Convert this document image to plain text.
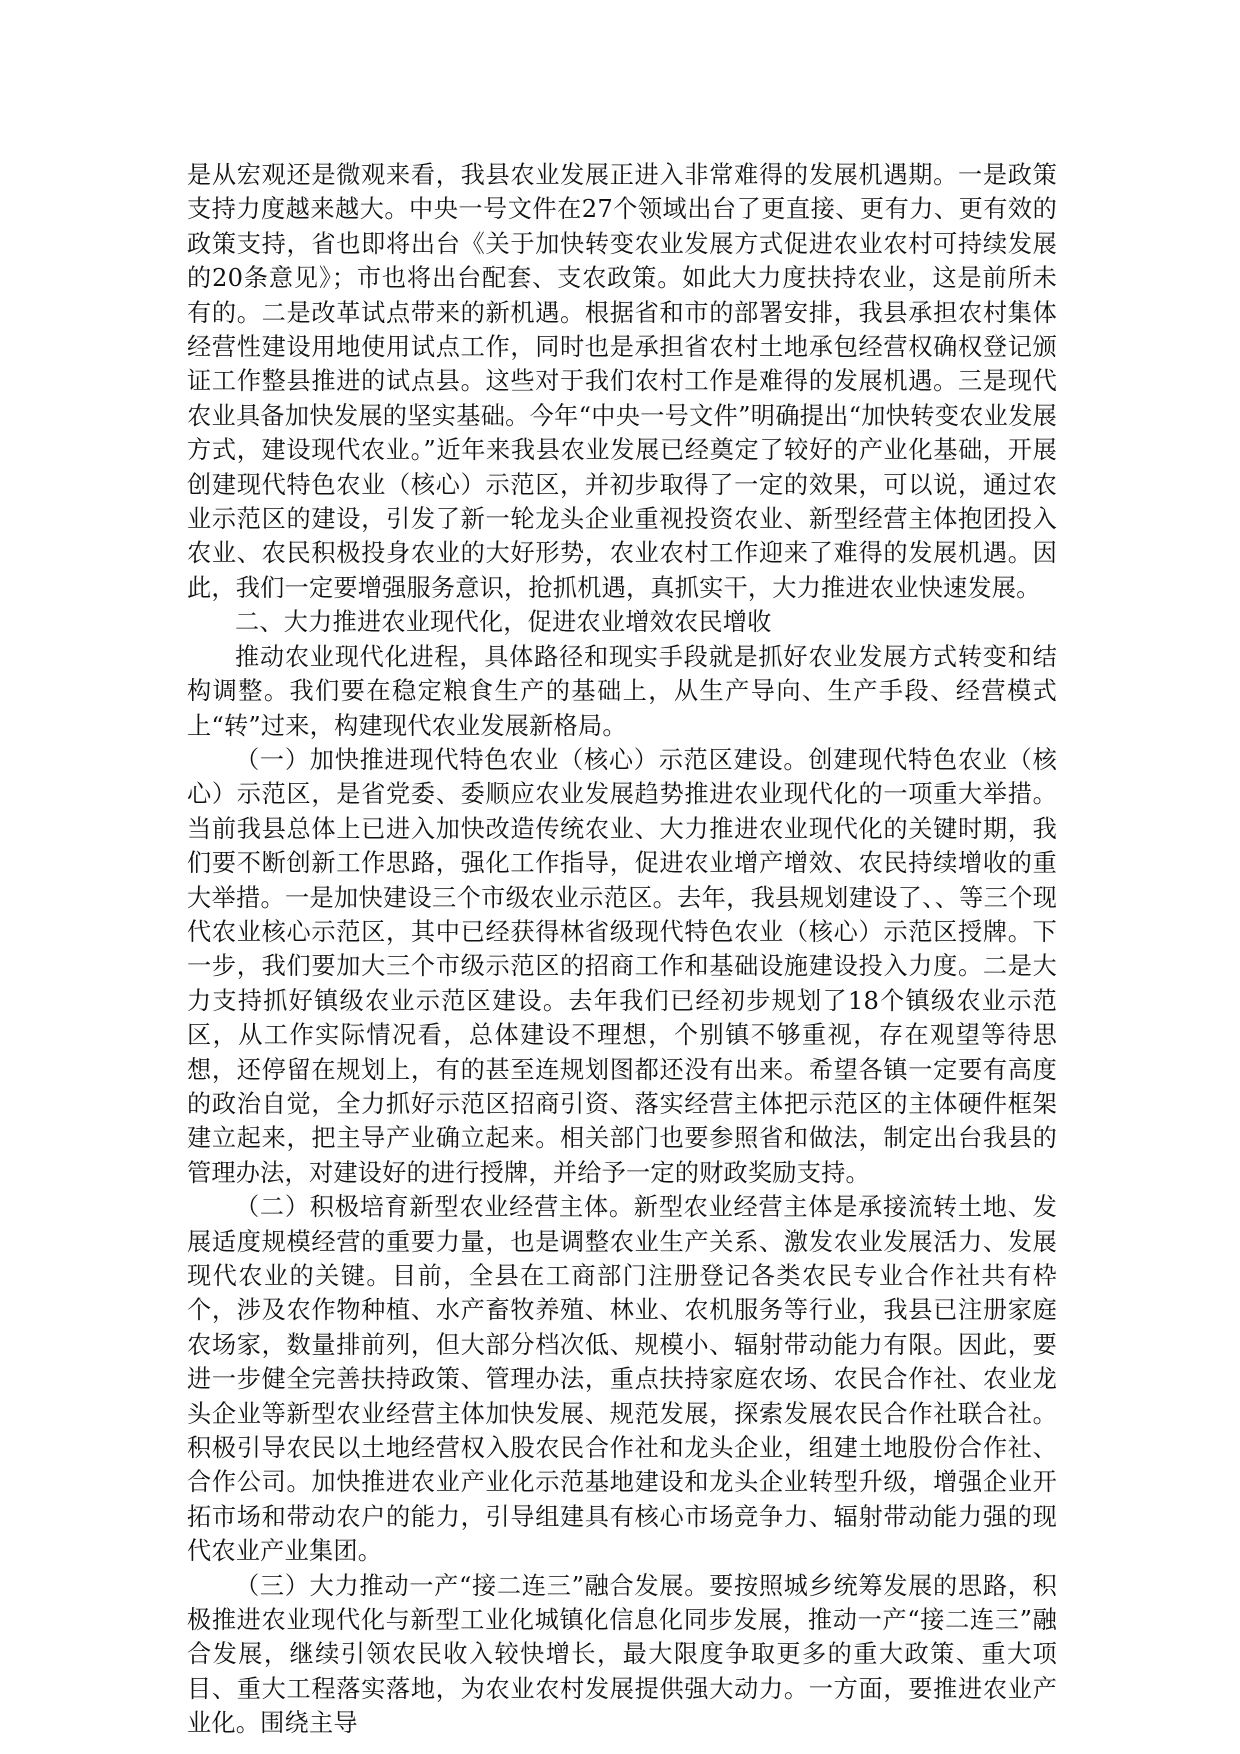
是从宏观还是微观来看，我县农业发展正进入非常难得的发展机遇期。一是政策支持力度越来越大。中央一号文件在27个领域出台了更直接、更有力、更有效的政策支持，省也即将出台《关于加快转变农业发展方式促进农业农村可持续发展的20条意见》；市也将出台配套、支农政策。如此大力度扶持农业，这是前所未有的。二是改革试点带来的新机遇。根据省和市的部署安排，我县承担农村集体经营性建设用地使用试点工作，同时也是承担省农村土地承包经营权确权登记颁证工作整县推进的试点县。这些对于我们农村工作是难得的发展机遇。三是现代农业具备加快发展的坚实基础。今年“中央一号文件”明确提出“加快转变农业发展方式，建设现代农业。”近年来我县农业发展已经奠定了较好的产业化基础，开展创建现代特色农业（核心）示范区，并初步取得了一定的效果，可以说，通过农业示范区的建设，引发了新一轮龙头企业重视投资农业、新型经营主体抱团投入农业、农民积极投身农业的大好形势，农业农村工作迎来了难得的发展机遇。因此，我们一定要增强服务意识，抢抓机遇，真抓实干，大力推进农业快速发展。

二、大力推进农业现代化，促进农业增效农民增收

推动农业现代化进程，具体路径和现实手段就是抓好农业发展方式转变和结构调整。我们要在稳定粮食生产的基础上，从生产导向、生产手段、经营模式上“转”过来，构建现代农业发展新格局。

（一）加快推进现代特色农业（核心）示范区建设。创建现代特色农业（核心）示范区，是省党委、委顺应农业发展趋势推进农业现代化的一项重大举措。当前我县总体上已进入加快改造传统农业、大力推进农业现代化的关键时期，我们要不断创新工作思路，强化工作指导，促进农业增产增效、农民持续增收的重大举措。一是加快建设三个市级农业示范区。去年，我县规划建设了、、等三个现代农业核心示范区，其中已经获得林省级现代特色农业（核心）示范区授牌。下一步，我们要加大三个市级示范区的招商工作和基础设施建设投入力度。二是大力支持抓好镇级农业示范区建设。去年我们已经初步规划了18个镇级农业示范区，从工作实际情况看，总体建设不理想，个别镇不够重视，存在观望等待思想，还停留在规划上，有的甚至连规划图都还没有出来。希望各镇一定要有高度的政治自觉，全力抓好示范区招商引资、落实经营主体把示范区的主体硬件框架建立起来，把主导产业确立起来。相关部门也要参照省和做法，制定出台我县的管理办法，对建设好的进行授牌，并给予一定的财政奖励支持。

（二）积极培育新型农业经营主体。新型农业经营主体是承接流转土地、发展适度规模经营的重要力量，也是调整农业生产关系、激发农业发展活力、发展现代农业的关键。目前，全县在工商部门注册登记各类农民专业合作社共有枠个，涉及农作物种植、水产畜牧养殖、林业、农机服务等行业，我县已注册家庭农场家，数量排前列，但大部分档次低、规模小、辐射带动能力有限。因此，要进一步健全完善扶持政策、管理办法，重点扶持家庭农场、农民合作社、农业龙头企业等新型农业经营主体加快发展、规范发展，探索发展农民合作社联合社。积极引导农民以土地经营权入股农民合作社和龙头企业，组建土地股份合作社、合作公司。加快推进农业产业化示范基地建设和龙头企业转型升级，增强企业开拓市场和带动农户的能力，引导组建具有核心市场竞争力、辐射带动能力强的现代农业产业集团。

（三）大力推动一产“接二连三”融合发展。要按照城乡统筹发展的思路，积极推进农业现代化与新型工业化城镇化信息化同步发展，推动一产“接二连三”融合发展，继续引领农民收入较快增长，最大限度争取更多的重大政策、重大项目、重大工程落实落地，为农业农村发展提供强大动力。一方面，要推进农业产业化。围绕主导
